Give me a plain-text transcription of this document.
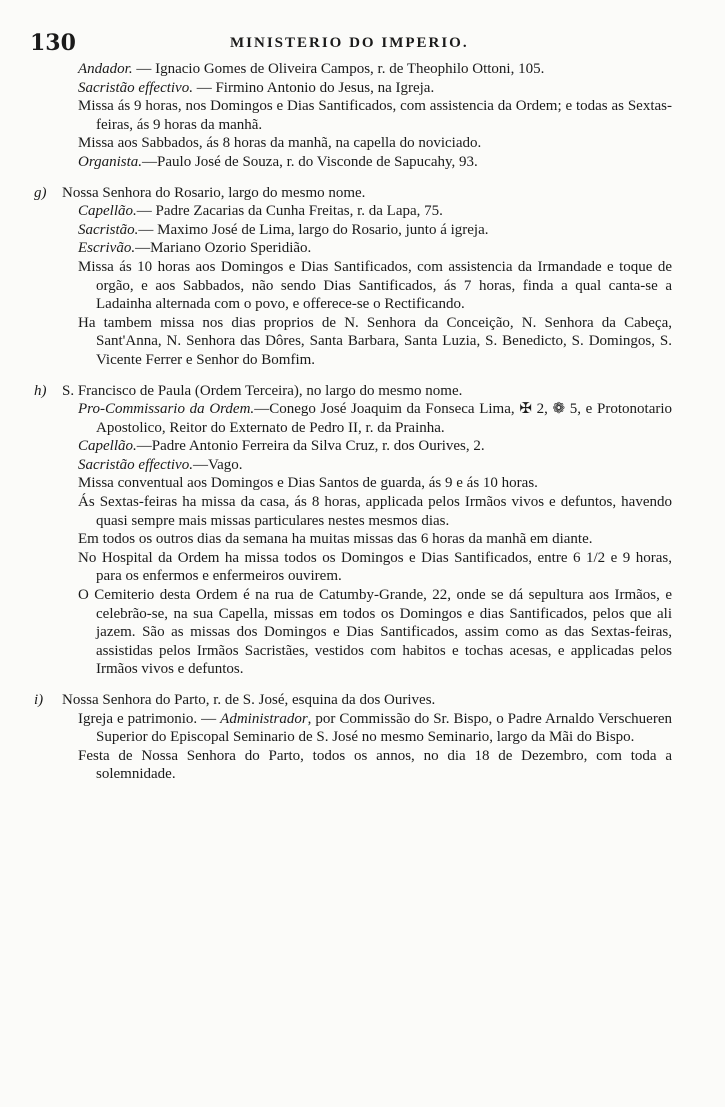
130	MINISTERIO DO IMPERIO.
Andador. — Ignacio Gomes de Oliveira Campos, r. de Theophilo Ottoni, 105.
Sacristão effectivo. — Firmino Antonio do Jesus, na Igreja.
Missa ás 9 horas, nos Domingos e Dias Santificados, com assistencia da Ordem; e todas as Sextas-feiras, ás 9 horas da manhã.
Missa aos Sabbados, ás 8 horas da manhã, na capella do noviciado.
Organista.—Paulo José de Souza, r. do Visconde de Sapucahy, 93.
g) Nossa Senhora do Rosario, largo do mesmo nome.
Capellão.— Padre Zacarias da Cunha Freitas, r. da Lapa, 75.
Sacristão.— Maximo José de Lima, largo do Rosario, junto á igreja.
Escrivão.—Mariano Ozorio Speridião.
Missa ás 10 horas aos Domingos e Dias Santificados, com assistencia da Irmandade e toque de orgão, e aos Sabbados, não sendo Dias Santificados, ás 7 horas, finda a qual canta-se a Ladainha alternada com o povo, e offerece-se o Rectificando.
Ha tambem missa nos dias proprios de N. Senhora da Conceição, N. Senhora da Cabeça, Sant'Anna, N. Senhora das Dôres, Santa Barbara, Santa Luzia, S. Benedicto, S. Domingos, S. Vicente Ferrer e Senhor do Bomfim.
h) S. Francisco de Paula (Ordem Terceira), no largo do mesmo nome.
Pro-Commissario da Ordem.—Conego José Joaquim da Fonseca Lima, ✠ 2, ❁ 5, e Protonotario Apostolico, Reitor do Externato de Pedro II, r. da Prainha.
Capellão.—Padre Antonio Ferreira da Silva Cruz, r. dos Ourives, 2.
Sacristão effectivo.—Vago.
Missa conventual aos Domingos e Dias Santos de guarda, ás 9 e ás 10 horas.
Ás Sextas-feiras ha missa da casa, ás 8 horas, applicada pelos Irmãos vivos e defuntos, havendo quasi sempre mais missas particulares nestes mesmos dias.
Em todos os outros dias da semana ha muitas missas das 6 horas da manhã em diante.
No Hospital da Ordem ha missa todos os Domingos e Dias Santificados, entre 6 1/2 e 9 horas, para os enfermos e enfermeiros ouvirem.
O Cemiterio desta Ordem é na rua de Catumby-Grande, 22, onde se dá sepultura aos Irmãos, e celebrão-se, na sua Capella, missas em todos os Domingos e dias Santificados, pelos que ali jazem. São as missas dos Domingos e Dias Santificados, assim como as das Sextas-feiras, assistidas pelos Irmãos Sacristães, vestidos com habitos e tochas acesas, e applicadas pelos Irmãos vivos e defuntos.
i) Nossa Senhora do Parto, r. de S. José, esquina da dos Ourives.
Igreja e patrimonio. — Administrador, por Commissão do Sr. Bispo, o Padre Arnaldo Verschueren Superior do Episcopal Seminario de S. José no mesmo Seminario, largo da Mãi do Bispo.
Festa de Nossa Senhora do Parto, todos os annos, no dia 18 de Dezembro, com toda a solemnidade.
